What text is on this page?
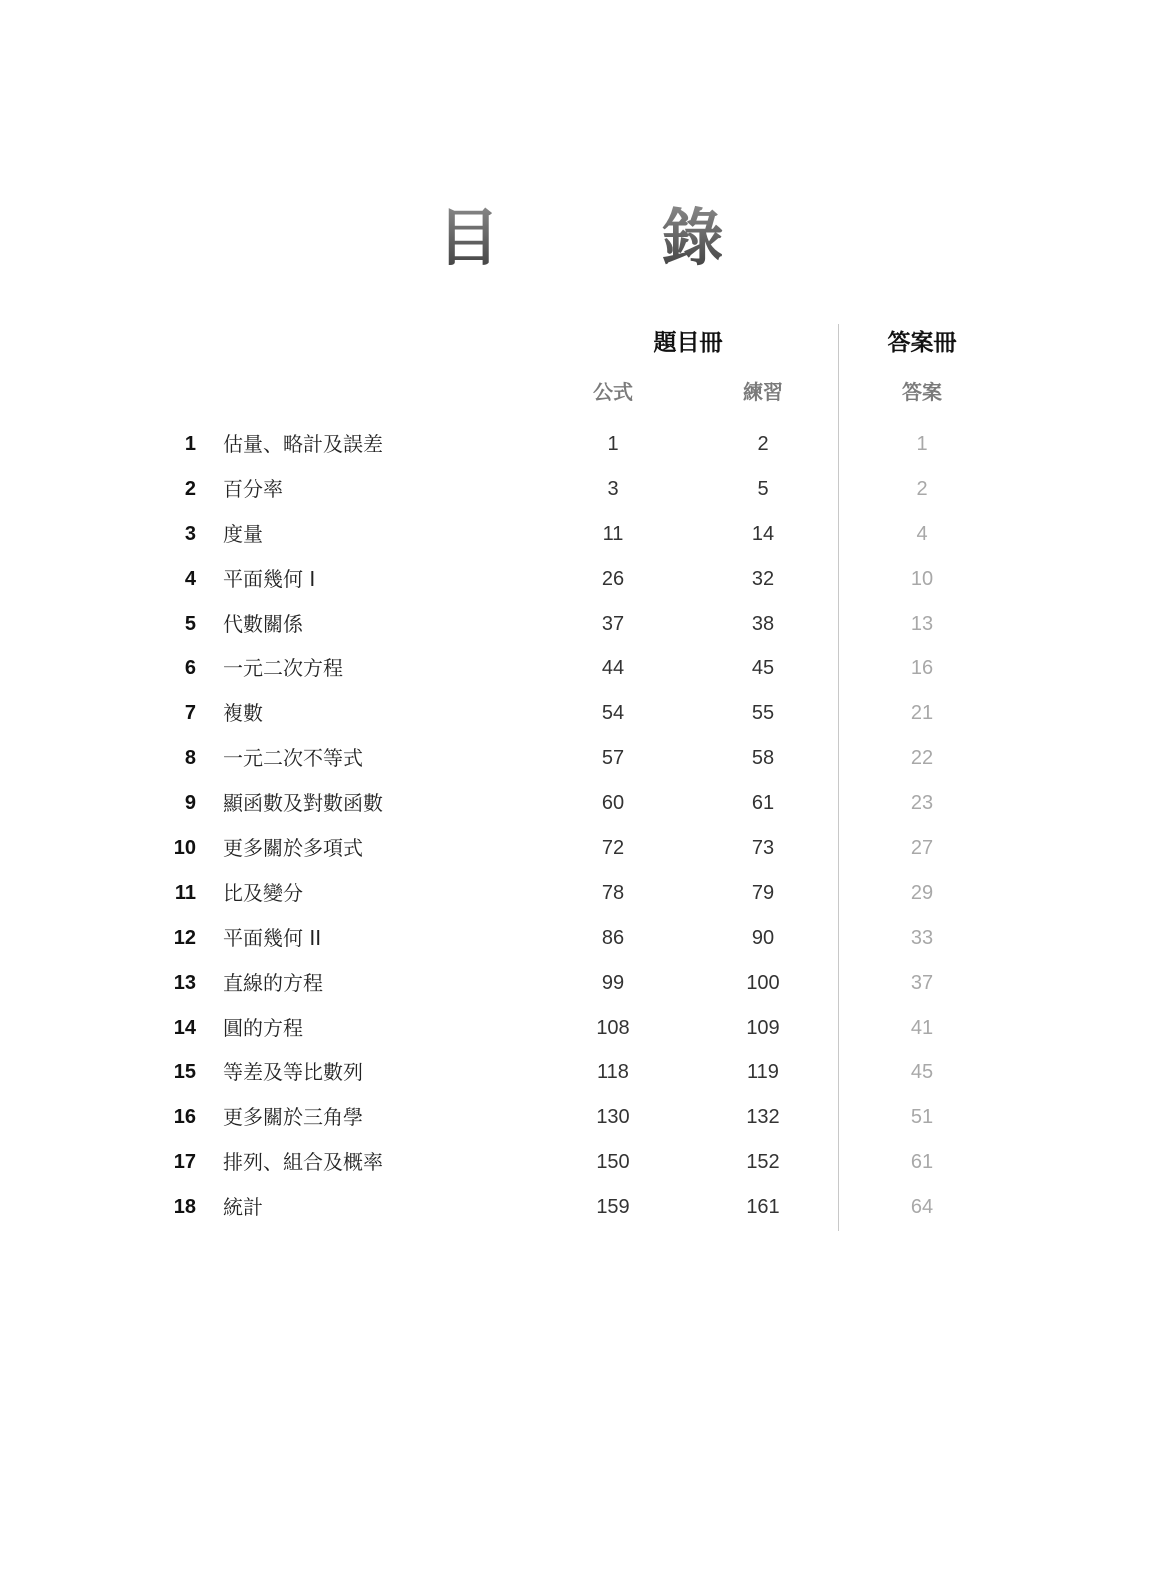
目　錄
題目冊	答案冊
公式	練習	答案
1 估量、略計及誤差	1	2	1
2 百分率	3	5	2
3 度量	11	14	4
4 平面幾何 I	26	32	10
5 代數關係	37	38	13
6 一元二次方程	44	45	16
7 複數	54	55	21
8 一元二次不等式	57	58	22
9 顯函數及對數函數	60	61	23
10 更多關於多項式	72	73	27
11 比及變分	78	79	29
12 平面幾何 II	86	90	33
13 直線的方程	99	100	37
14 圓的方程	108	109	41
15 等差及等比數列	118	119	45
16 更多關於三角學	130	132	51
17 排列、組合及概率	150	152	61
18 統計	159	161	64
